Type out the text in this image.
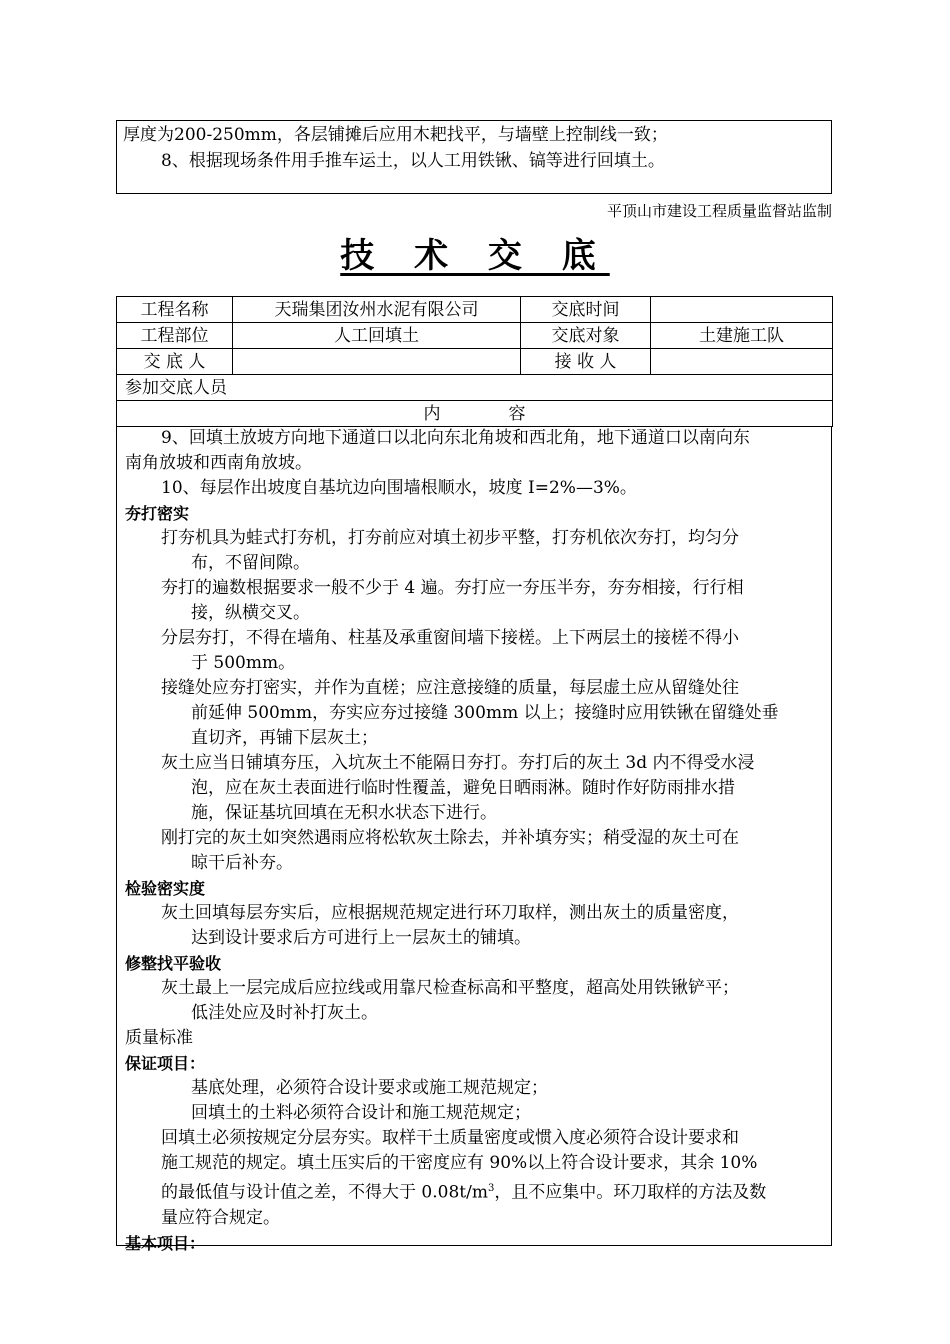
厚度为200-250mm，各层铺摊后应用木耙找平，与墙壁上控制线一致；

8、根据现场条件用手推车运土，以人工用铁锹、镐等进行回填土。

平顶山市建设工程质量监督站监制
技 术 交 底
工程名称	天瑞集团汝州水泥有限公司	交底时间	
工程部位	人工回填土	交底对象	土建施工队
交 底 人		接 收 人	
参加交底人员			
内　　　　容			

9、回填土放坡方向地下通道口以北向东北角坡和西北角，地下通道口以南向东

南角放坡和西南角放坡。

10、每层作出坡度自基坑边向围墙根顺水，坡度 I=2%—3%。

夯打密实

打夯机具为蛙式打夯机，打夯前应对填土初步平整，打夯机依次夯打，均匀分

布，不留间隙。

夯打的遍数根据要求一般不少于 4 遍。夯打应一夯压半夯，夯夯相接，行行相

接，纵横交叉。

分层夯打，不得在墙角、柱基及承重窗间墙下接槎。上下两层土的接槎不得小

于 500mm。

接缝处应夯打密实，并作为直槎；应注意接缝的质量，每层虚土应从留缝处往

前延伸 500mm，夯实应夯过接缝 300mm 以上；接缝时应用铁锹在留缝处垂

直切齐，再铺下层灰土；

灰土应当日铺填夯压，入坑灰土不能隔日夯打。夯打后的灰土 3d 内不得受水浸

泡，应在灰土表面进行临时性覆盖，避免日晒雨淋。随时作好防雨排水措

施，保证基坑回填在无积水状态下进行。

刚打完的灰土如突然遇雨应将松软灰土除去，并补填夯实；稍受湿的灰土可在

晾干后补夯。

检验密实度

灰土回填每层夯实后，应根据规范规定进行环刀取样，测出灰土的质量密度，

达到设计要求后方可进行上一层灰土的铺填。

修整找平验收

灰土最上一层完成后应拉线或用靠尺检查标高和平整度，超高处用铁锹铲平；

低洼处应及时补打灰土。

质量标准

保证项目：

基底处理，必须符合设计要求或施工规范规定；

回填土的土料必须符合设计和施工规范规定；

回填土必须按规定分层夯实。取样干土质量密度或惯入度必须符合设计要求和

施工规范的规定。填土压实后的干密度应有 90%以上符合设计要求，其余 10%

的最低值与设计值之差，不得大于 $0.08t/m^3$，且不应集中。环刀取样的方法及数

量应符合规定。

基本项目：
